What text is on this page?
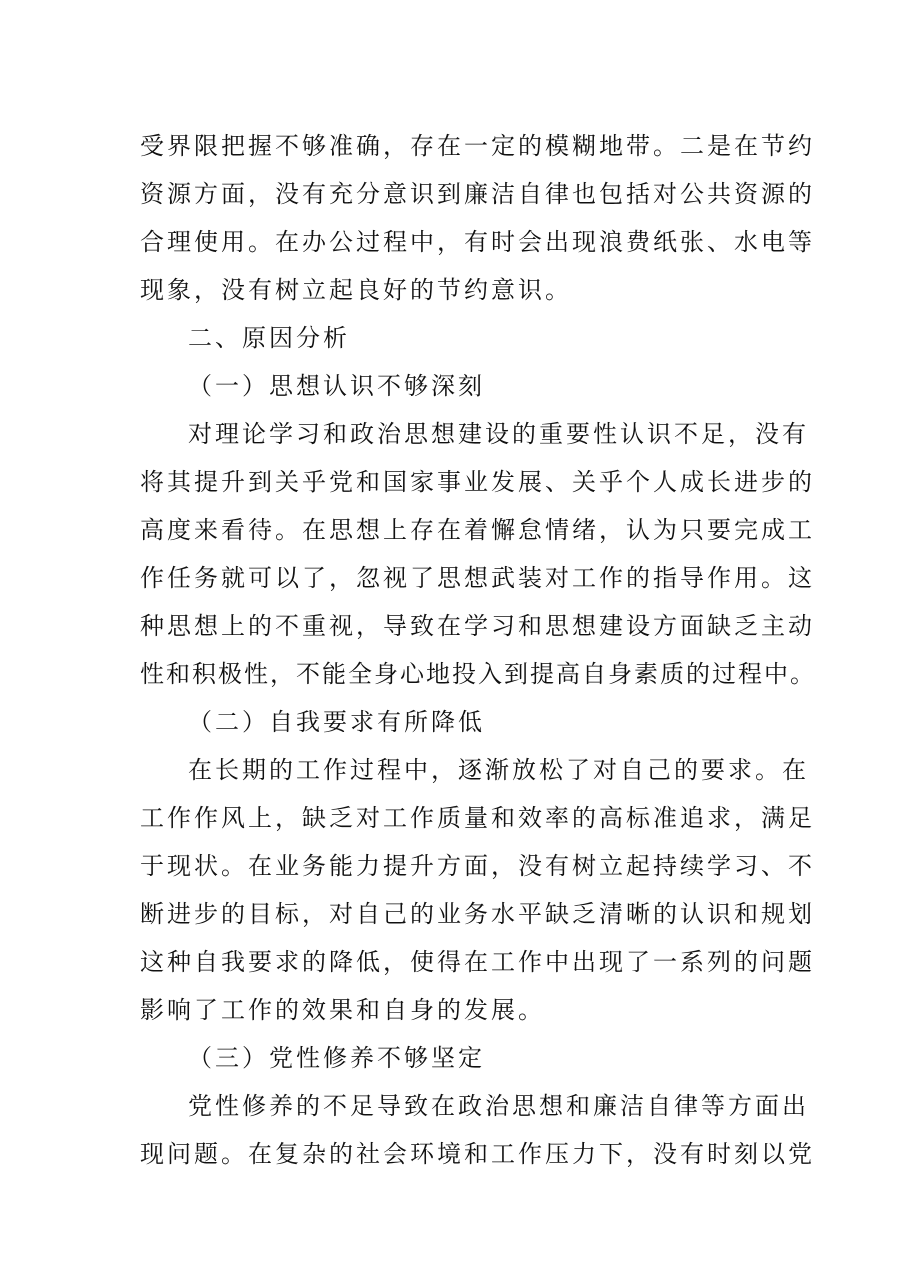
受界限把握不够准确，存在一定的模糊地带。二是在节约
资源方面，没有充分意识到廉洁自律也包括对公共资源的
合理使用。在办公过程中，有时会出现浪费纸张、水电等
现象，没有树立起良好的节约意识。
二、原因分析
（一）思想认识不够深刻
对理论学习和政治思想建设的重要性认识不足，没有
将其提升到关乎党和国家事业发展、关乎个人成长进步的
高度来看待。在思想上存在着懈怠情绪，认为只要完成工
作任务就可以了，忽视了思想武装对工作的指导作用。这
种思想上的不重视，导致在学习和思想建设方面缺乏主动
性和积极性，不能全身心地投入到提高自身素质的过程中。
（二）自我要求有所降低
在长期的工作过程中，逐渐放松了对自己的要求。在
工作作风上，缺乏对工作质量和效率的高标准追求，满足
于现状。在业务能力提升方面，没有树立起持续学习、不
断进步的目标，对自己的业务水平缺乏清晰的认识和规划
这种自我要求的降低，使得在工作中出现了一系列的问题
影响了工作的效果和自身的发展。
（三）党性修养不够坚定
党性修养的不足导致在政治思想和廉洁自律等方面出
现问题。在复杂的社会环境和工作压力下，没有时刻以党
